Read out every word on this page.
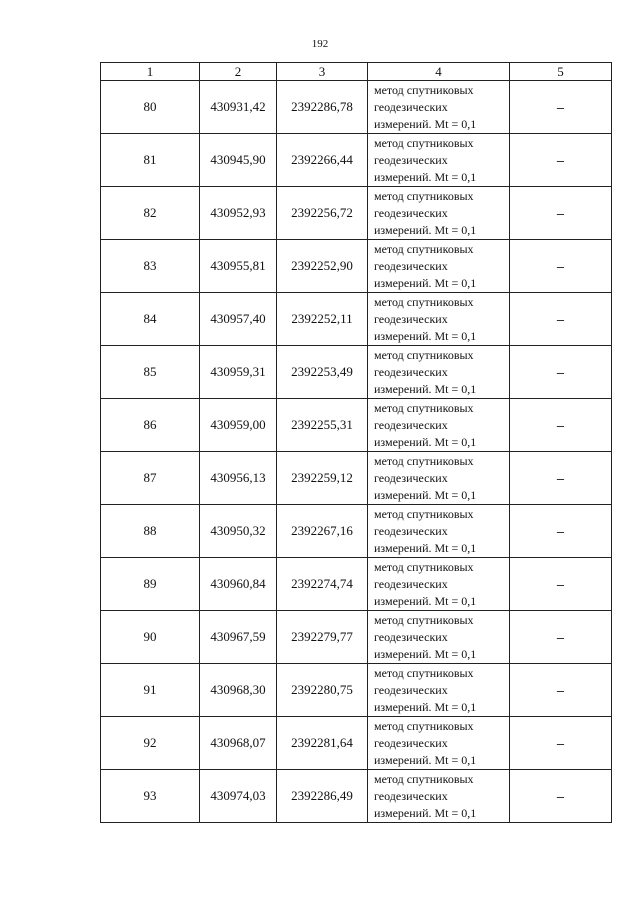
192
1	2	3	4	5
80	430931,42	2392286,78	метод спутниковых
геодезических
измерений. Mt = 0,1	–
81	430945,90	2392266,44	метод спутниковых
геодезических
измерений. Mt = 0,1	–
82	430952,93	2392256,72	метод спутниковых
геодезических
измерений. Mt = 0,1	–
83	430955,81	2392252,90	метод спутниковых
геодезических
измерений. Mt = 0,1	–
84	430957,40	2392252,11	метод спутниковых
геодезических
измерений. Mt = 0,1	–
85	430959,31	2392253,49	метод спутниковых
геодезических
измерений. Mt = 0,1	–
86	430959,00	2392255,31	метод спутниковых
геодезических
измерений. Mt = 0,1	–
87	430956,13	2392259,12	метод спутниковых
геодезических
измерений. Mt = 0,1	–
88	430950,32	2392267,16	метод спутниковых
геодезических
измерений. Mt = 0,1	–
89	430960,84	2392274,74	метод спутниковых
геодезических
измерений. Mt = 0,1	–
90	430967,59	2392279,77	метод спутниковых
геодезических
измерений. Mt = 0,1	–
91	430968,30	2392280,75	метод спутниковых
геодезических
измерений. Mt = 0,1	–
92	430968,07	2392281,64	метод спутниковых
геодезических
измерений. Mt = 0,1	–
93	430974,03	2392286,49	метод спутниковых
геодезических
измерений. Mt = 0,1	–
